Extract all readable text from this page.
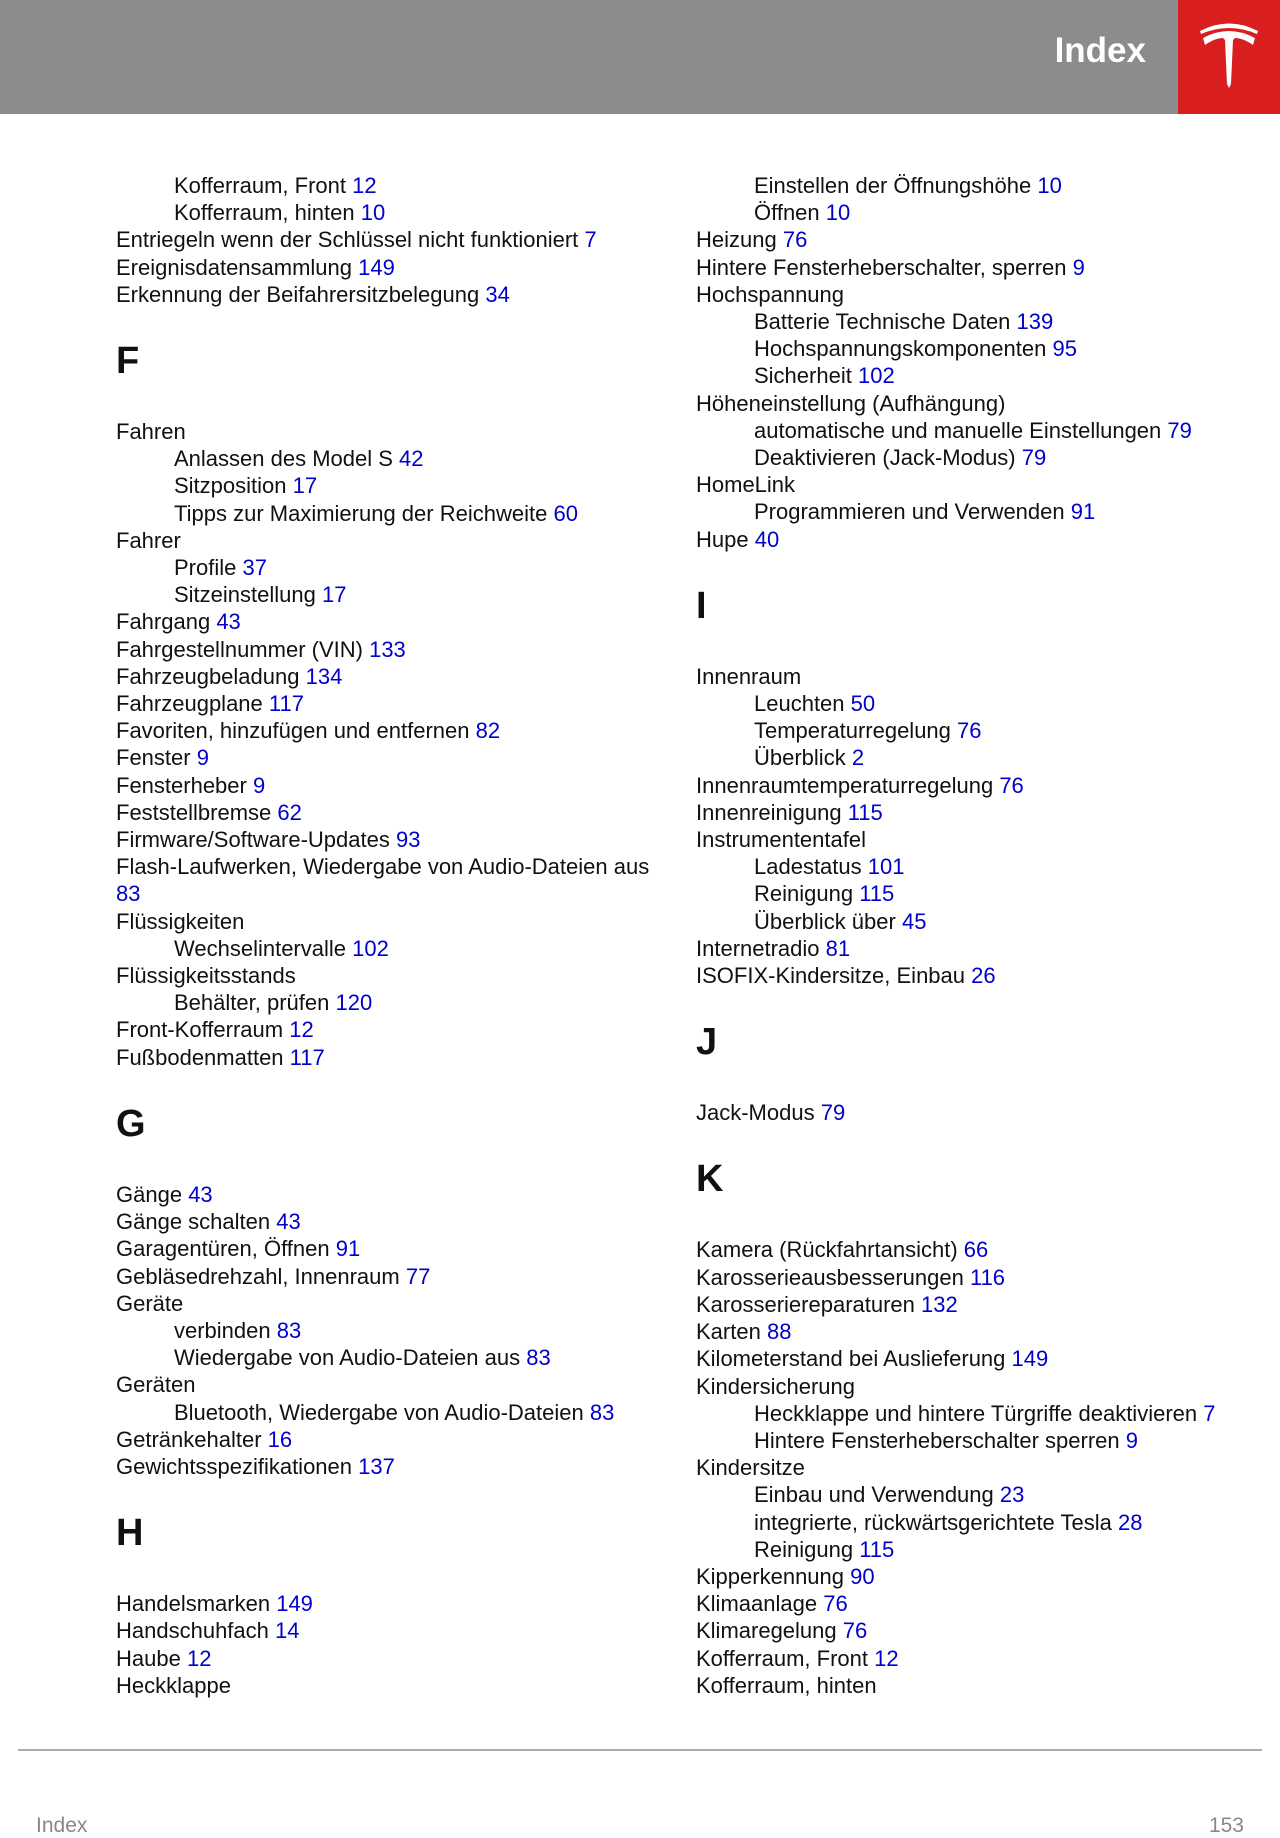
Index
Kofferraum, Front 12
Kofferraum, hinten 10
Entriegeln wenn der Schlüssel nicht funktioniert 7
Ereignisdatensammlung 149
Erkennung der Beifahrersitzbelegung 34
F
Fahren
Anlassen des Model S 42
Sitzposition 17
Tipps zur Maximierung der Reichweite 60
Fahrer
Profile 37
Sitzeinstellung 17
Fahrgang 43
Fahrgestellnummer (VIN) 133
Fahrzeugbeladung 134
Fahrzeugplane 117
Favoriten, hinzufügen und entfernen 82
Fenster 9
Fensterheber 9
Feststellbremse 62
Firmware/Software-Updates 93
Flash-Laufwerken, Wiedergabe von Audio-Dateien aus 83
Flüssigkeiten
Wechselintervalle 102
Flüssigkeitsstands
Behälter, prüfen 120
Front-Kofferraum 12
Fußbodenmatten 117
G
Gänge 43
Gänge schalten 43
Garagentüren, Öffnen 91
Gebläsedrehzahl, Innenraum 77
Geräte
verbinden 83
Wiedergabe von Audio-Dateien aus 83
Geräten
Bluetooth, Wiedergabe von Audio-Dateien 83
Getränkehalter 16
Gewichtsspezifikationen 137
H
Handelsmarken 149
Handschuhfach 14
Haube 12
Heckklappe
Einstellen der Öffnungshöhe 10
Öffnen 10
Heizung 76
Hintere Fensterheberschalter, sperren 9
Hochspannung
Batterie Technische Daten 139
Hochspannungskomponenten 95
Sicherheit 102
Höheneinstellung (Aufhängung)
automatische und manuelle Einstellungen 79
Deaktivieren (Jack-Modus) 79
HomeLink
Programmieren und Verwenden 91
Hupe 40
I
Innenraum
Leuchten 50
Temperaturregelung 76
Überblick 2
Innenraumtemperaturregelung 76
Innenreinigung 115
Instrumententafel
Ladestatus 101
Reinigung 115
Überblick über 45
Internetradio 81
ISOFIX-Kindersitze, Einbau 26
J
Jack-Modus 79
K
Kamera (Rückfahrtansicht) 66
Karosserieausbesserungen 116
Karosseriereparaturen 132
Karten 88
Kilometerstand bei Auslieferung 149
Kindersicherung
Heckklappe und hintere Türgriffe deaktivieren 7
Hintere Fensterheberschalter sperren 9
Kindersitze
Einbau und Verwendung 23
integrierte, rückwärtsgerichtete Tesla 28
Reinigung 115
Kipperkennung 90
Klimaanlage 76
Klimaregelung 76
Kofferraum, Front 12
Kofferraum, hinten
Index	153
